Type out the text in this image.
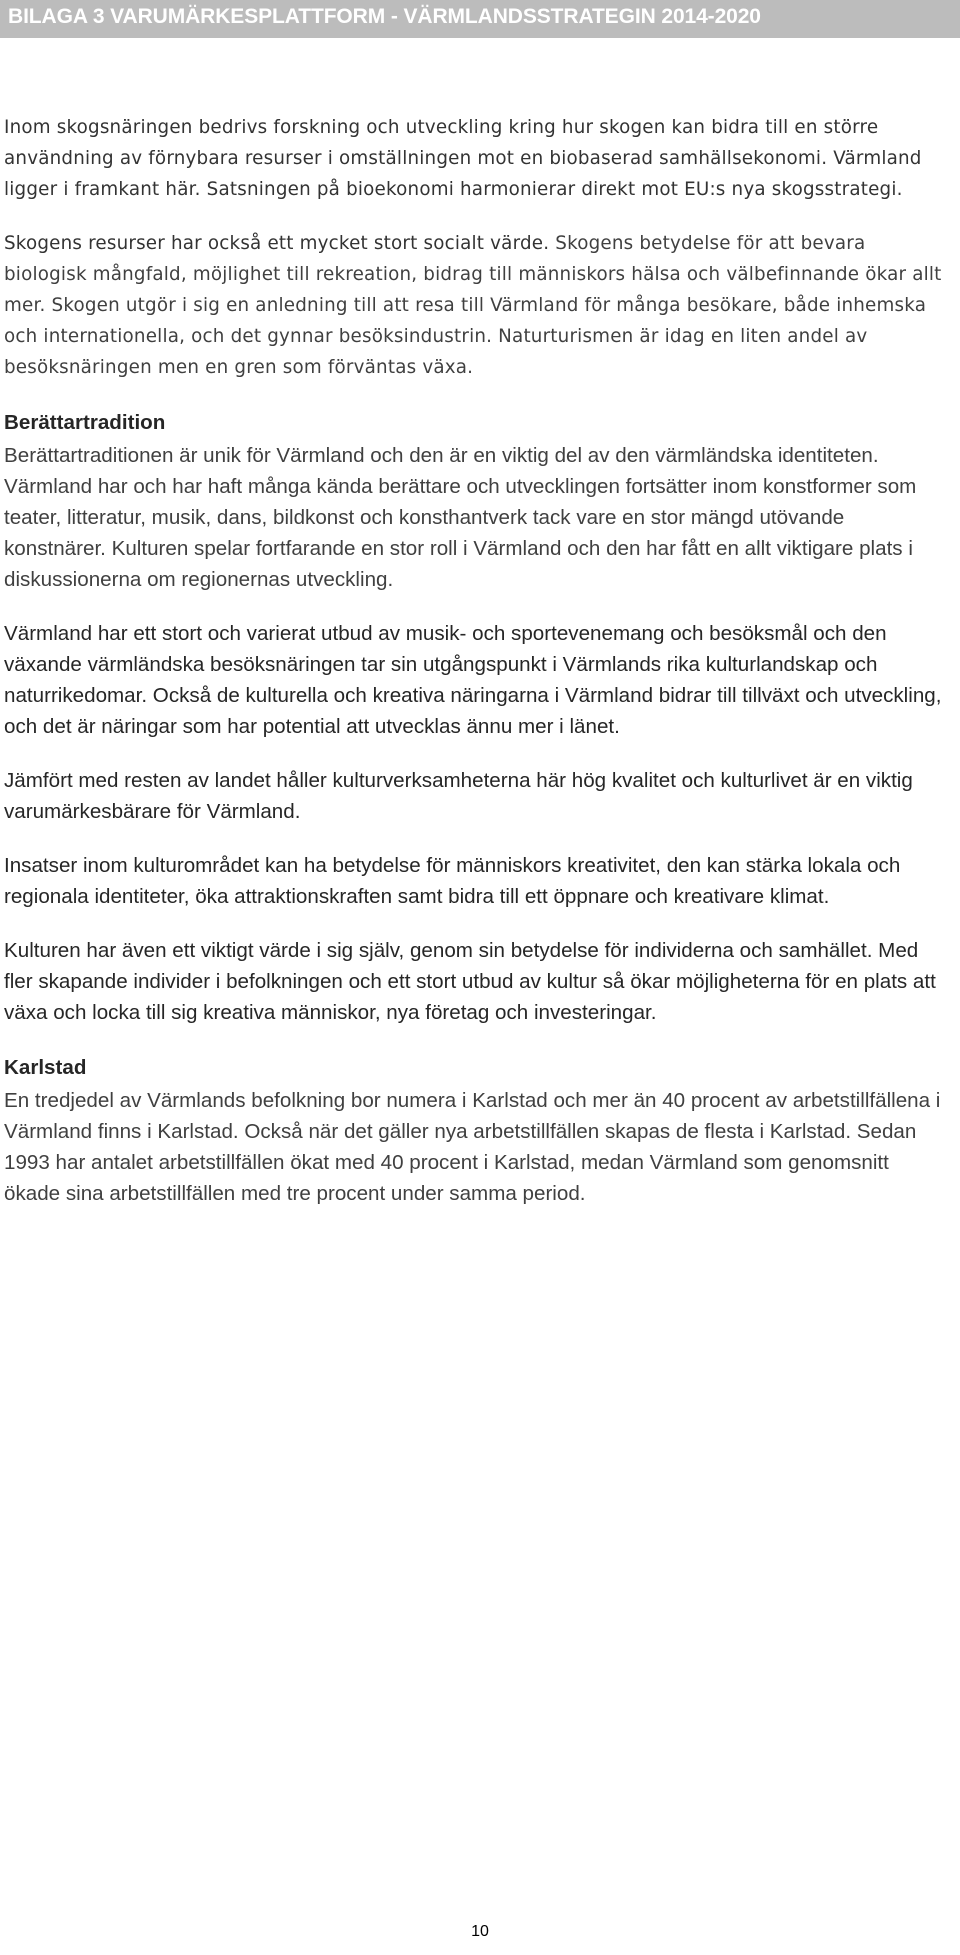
BILAGA 3 VARUMÄRKESPLATTFORM - VÄRMLANDSSTRATEGIN 2014-2020

Inom skogsnäringen bedrivs forskning och utveckling kring hur skogen kan bidra till en större användning av förnybara resurser i omställningen mot en biobaserad samhällsekonomi. Värmland ligger i framkant här. Satsningen på bioekonomi harmonierar direkt mot EU:s nya skogsstrategi.

Skogens resurser har också ett mycket stort socialt värde. Skogens betydelse för att bevara biologisk mångfald, möjlighet till rekreation, bidrag till människors hälsa och välbefinnande ökar allt mer. Skogen utgör i sig en anledning till att resa till Värmland för många besökare, både inhemska och internationella, och det gynnar besöksindustrin. Naturturismen är idag en liten andel av besöksnäringen men en gren som förväntas växa.

Berättartradition

Berättartraditionen är unik för Värmland och den är en viktig del av den värmländska identiteten. Värmland har och har haft många kända berättare och utvecklingen fortsätter inom konstformer som teater, litteratur, musik, dans, bildkonst och konsthantverk tack vare en stor mängd utövande konstnärer. Kulturen spelar fortfarande en stor roll i Värmland och den har fått en allt viktigare plats i diskussionerna om regionernas utveckling.

Värmland har ett stort och varierat utbud av musik- och sportevenemang och besöksmål och den växande värmländska besöksnäringen tar sin utgångspunkt i Värmlands rika kulturlandskap och naturrikedomar. Också de kulturella och kreativa näringarna i Värmland bidrar till tillväxt och utveckling, och det är näringar som har potential att utvecklas ännu mer i länet.

Jämfört med resten av landet håller kulturverksamheterna här hög kvalitet och kulturlivet är en viktig varumärkesbärare för Värmland.

Insatser inom kulturområdet kan ha betydelse för människors kreativitet, den kan stärka lokala och regionala identiteter, öka attraktionskraften samt bidra till ett öppnare och kreativare klimat.

Kulturen har även ett viktigt värde i sig själv, genom sin betydelse för individerna och samhället. Med fler skapande individer i befolkningen och ett stort utbud av kultur så ökar möjligheterna för en plats att växa och locka till sig kreativa människor, nya företag och investeringar.

Karlstad

En tredjedel av Värmlands befolkning bor numera i Karlstad och mer än 40 procent av arbetstillfällena i Värmland finns i Karlstad. Också när det gäller nya arbetstillfällen skapas de flesta i Karlstad. Sedan 1993 har antalet arbetstillfällen ökat med 40 procent i Karlstad, medan Värmland som genomsnitt ökade sina arbetstillfällen med tre procent under samma period.

10
